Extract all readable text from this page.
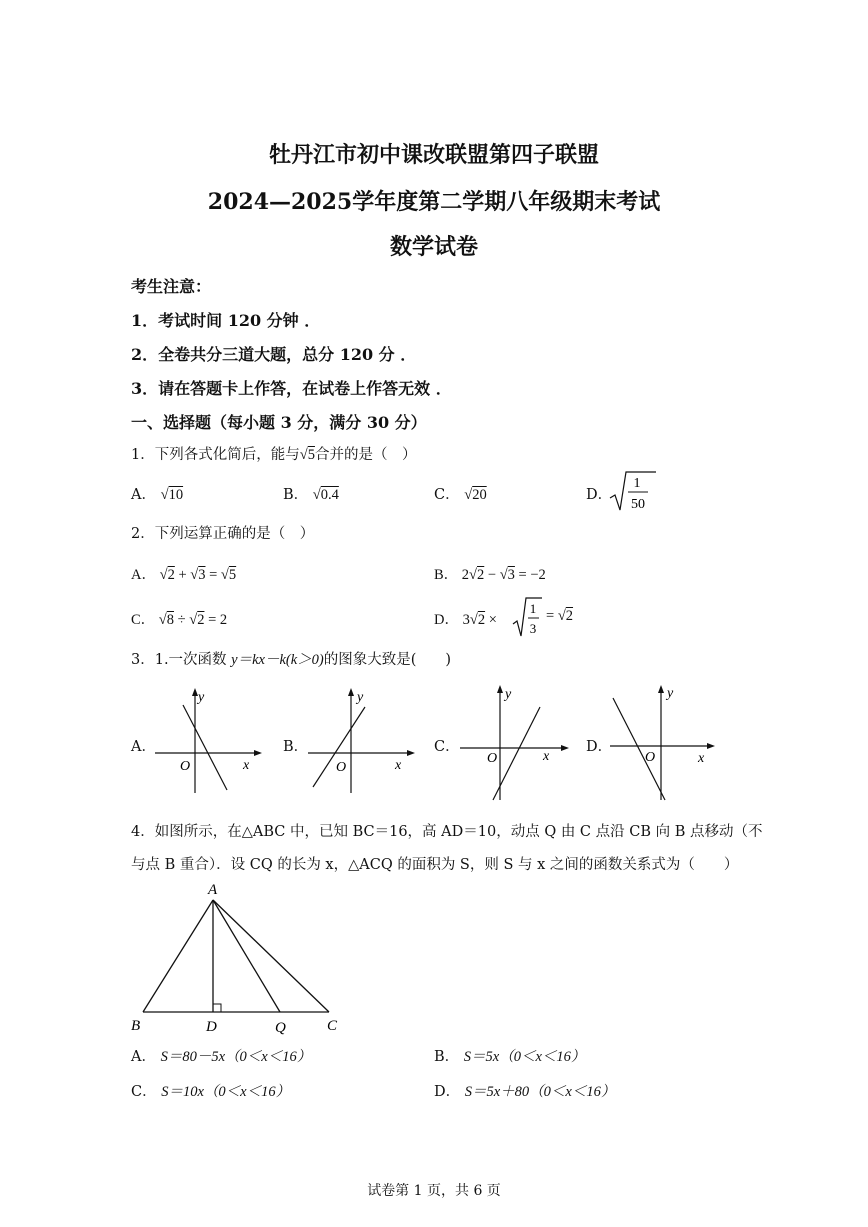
牡丹江市初中课改联盟第四子联盟
2024—2025学年度第二学期八年级期末考试
数学试卷
考生注意：
1．考试时间 120 分钟 ．
2．全卷共分三道大题，总分 120 分 ．
3．请在答题卡上作答，在试卷上作答无效 ．
一、选择题（每小题 3 分，满分 30 分）
1．下列各式化简后，能与√5合并的是（　）
A． √10	B． √0.4	C． √20	D．
1
50
2．下列运算正确的是（　）
A． √2 + √3 = √5	B． 2√2 − √3 = −2
C． √8 ÷ √2 = 2	D． 3√2 ×
1
3
= √2
3．1.一次函数 y＝kx－k(k＞0)的图象大致是(　　)
A．
y
x
O
B．
y
x
O
C．
y
x
O
D．
y
x
O
4．如图所示，在△ABC 中，已知 BC＝16，高 AD＝10，动点 Q 由 C 点沿 CB 向 B 点移动（不
与点 B 重合）．设 CQ 的长为 x，△ACQ 的面积为 S，则 S 与 x 之间的函数关系式为（　　）
A
B	D	Q	C
A． S＝80－5x（0＜x＜16）	B． S＝5x（0＜x＜16）
C． S＝10x（0＜x＜16）	D． S＝5x＋80（0＜x＜16）
试卷第 1 页，共 6 页
